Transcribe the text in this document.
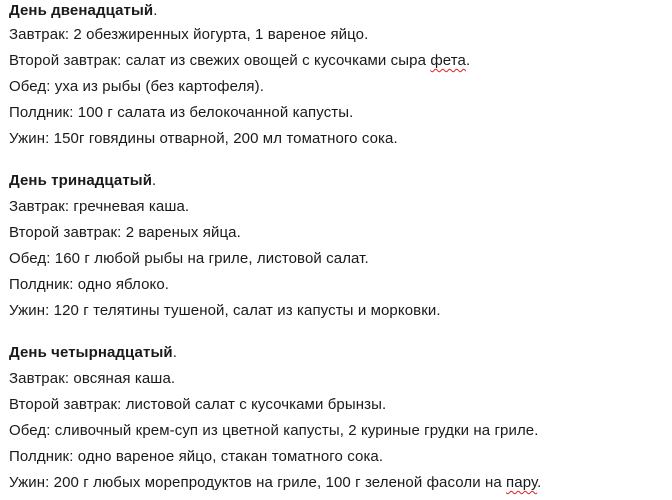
День двенадцатый.
Завтрак: 2 обезжиренных йогурта, 1 вареное яйцо.
Второй завтрак: салат из свежих овощей с кусочками сыра фета.
Обед: уха из рыбы (без картофеля).
Полдник: 100 г салата из белокочанной капусты.
Ужин: 150г говядины отварной, 200 мл томатного сока.
День тринадцатый.
Завтрак: гречневая каша.
Второй завтрак: 2 вареных яйца.
Обед: 160 г любой рыбы на гриле, листовой салат.
Полдник: одно яблоко.
Ужин: 120 г телятины тушеной, салат из капусты и морковки.
День четырнадцатый.
Завтрак: овсяная каша.
Второй завтрак: листовой салат с кусочками брынзы.
Обед: сливочный крем-суп из цветной капусты, 2 куриные грудки на гриле.
Полдник: одно вареное яйцо, стакан томатного сока.
Ужин: 200 г любых морепродуктов на гриле, 100 г зеленой фасоли на пару.
